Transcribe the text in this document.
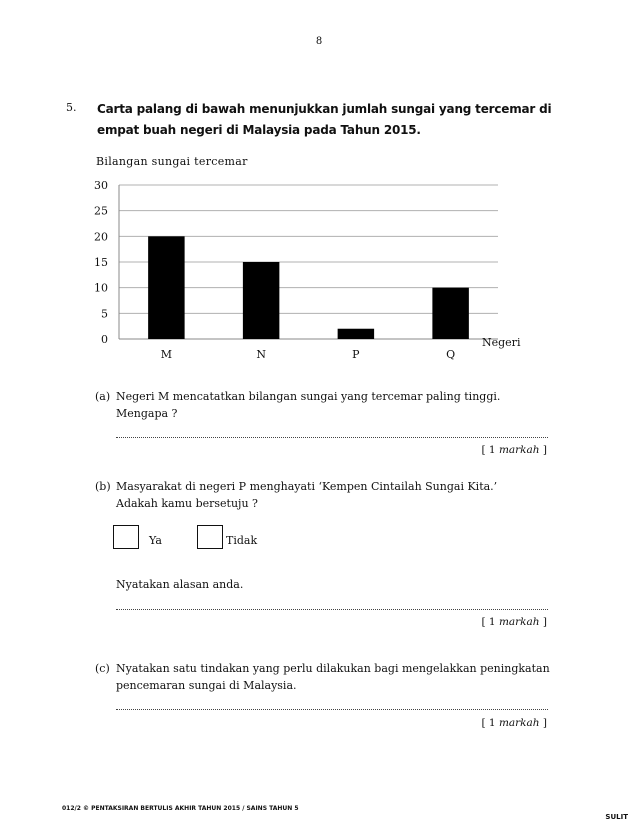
8
5. Carta palang di bawah menunjukkan jumlah sungai yang tercemar di empat buah negeri di Malaysia pada Tahun 2015.
Bilangan sungai tercemar
0
5
10
15
20
25
30
M	N	P	Q
Negeri
(a) Negeri M mencatatkan bilangan sungai yang tercemar paling tinggi.
Mengapa ?
[ 1 markah ]
(b) Masyarakat di negeri P menghayati ‘Kempen Cintailah Sungai Kita.’
Adakah kamu bersetuju ?
Ya	Tidak
Nyatakan alasan anda.
[ 1 markah ]
(c) Nyatakan satu tindakan yang perlu dilakukan bagi mengelakkan peningkatan
pencemaran sungai di Malaysia.
[ 1 markah ]
012/2 © PENTAKSIRAN BERTULIS AKHIR TAHUN 2015 / SAINS TAHUN 5
SULIT
